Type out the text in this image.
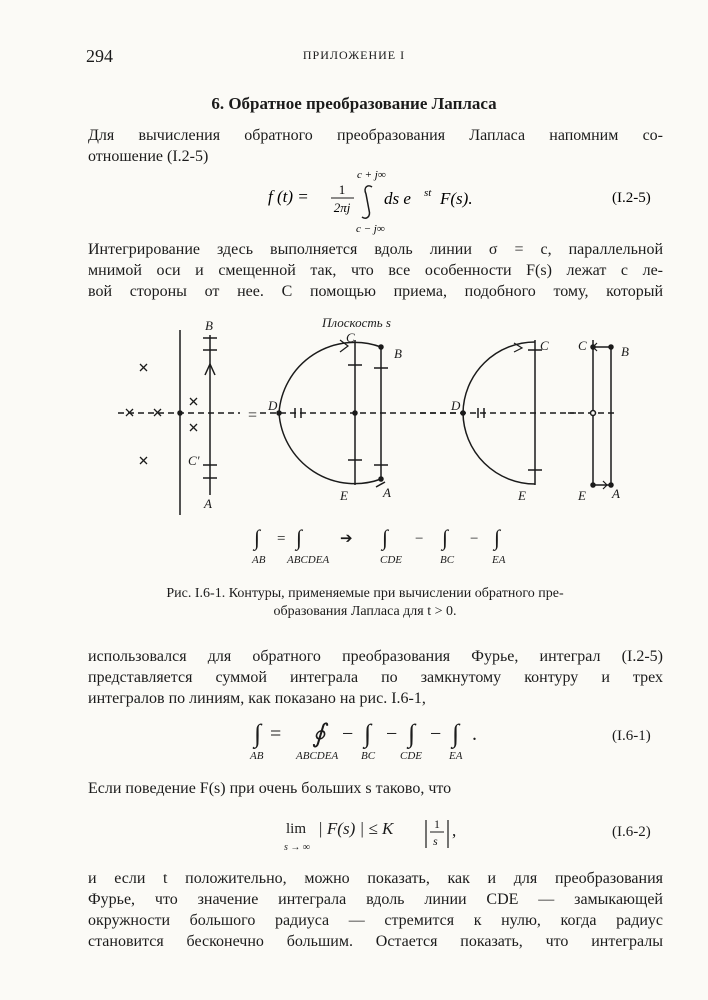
294	ПРИЛОЖЕНИЕ I
6. Обратное преобразование Лапласа
Для вычисления обратного преобразования Лапласа напомним со-
отношение (I.2-5)
f (t) = 1
2πj
c + j∞
c − j∞
ds e st F(s).	(I.2-5)
Интегрирование здесь выполняется вдоль линии σ = c, параллельной
мнимой оси и смещенной так, что все особенности F(s) лежат с ле-
вой стороны от нее. С помощью приема, подобного тому, который
B
C'
A
=
Плоскость s
C
B
D
E	A
C
D
E
C	B
E A
∫ ∫	∫ ∫ ∫
=	➔	−	−
AB ABCDEA	CDE	BC	EA
Рис. I.6-1. Контуры, применяемые при вычислении обратного пре-
образования Лапласа для t > 0.
использовался для обратного преобразования Фурье, интеграл (I.2-5)
представляется суммой интеграла по замкнутому контуру и трех
интегралов по линиям, как показано на рис. I.6-1,
∫ = ∮ − ∫ − ∫ − ∫ .
AB	ABCDEA BC CDE EA
(I.6-1)
Если поведение F(s) при очень больших s таково, что
lim
s → ∞
| F(s) | ≤ K	1
s
,	(I.6-2)
и если t положительно, можно показать, как и для преобразования
Фурье, что значение интеграла вдоль линии CDE — замыкающей
окружности большого радиуса — стремится к нулю, когда радиус
становится бесконечно большим. Остается показать, что интегралы
